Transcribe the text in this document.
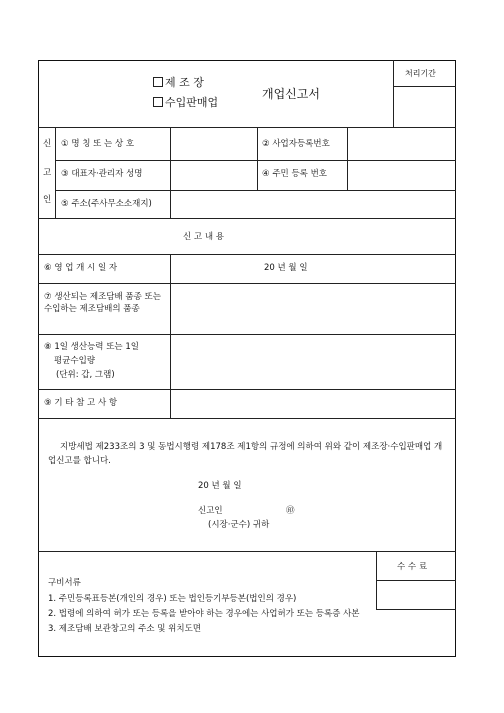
제 조 장
수입판매업
개업신고서
처리기간
신
고
인
① 명 칭 또 는 상 호	② 사업자등록번호
③ 대표자·관리자 성명	④ 주민 등록 번호
⑤ 주소(주사무소소재지)
신 고 내 용
⑥ 영 업 개 시 일 자	20 년 월 일
⑦ 생산되는 제조담배 품종 또는 수입하는 제조담배의 품종
⑧ 1일 생산능력 또는 1일
평균수입량
(단위: 갑, 그램)
⑨ 기 타 참 고 사 항
지방세법 제233조의 3 및 동법시행령 제178조 제1항의 규정에 의하여 위와 같이 제조장·수입판매업 개업신고를 합니다.
20 년 월 일
신고인	㊞
(시장·군수) 귀하
수 수 료
구비서류
1. 주민등록표등본(개인의 경우) 또는 법인등기부등본(법인의 경우)
2. 법령에 의하여 허가 또는 등록을 받아야 하는 경우에는 사업허가 또는 등록증 사본
3. 제조담배 보관창고의 주소 및 위치도면
